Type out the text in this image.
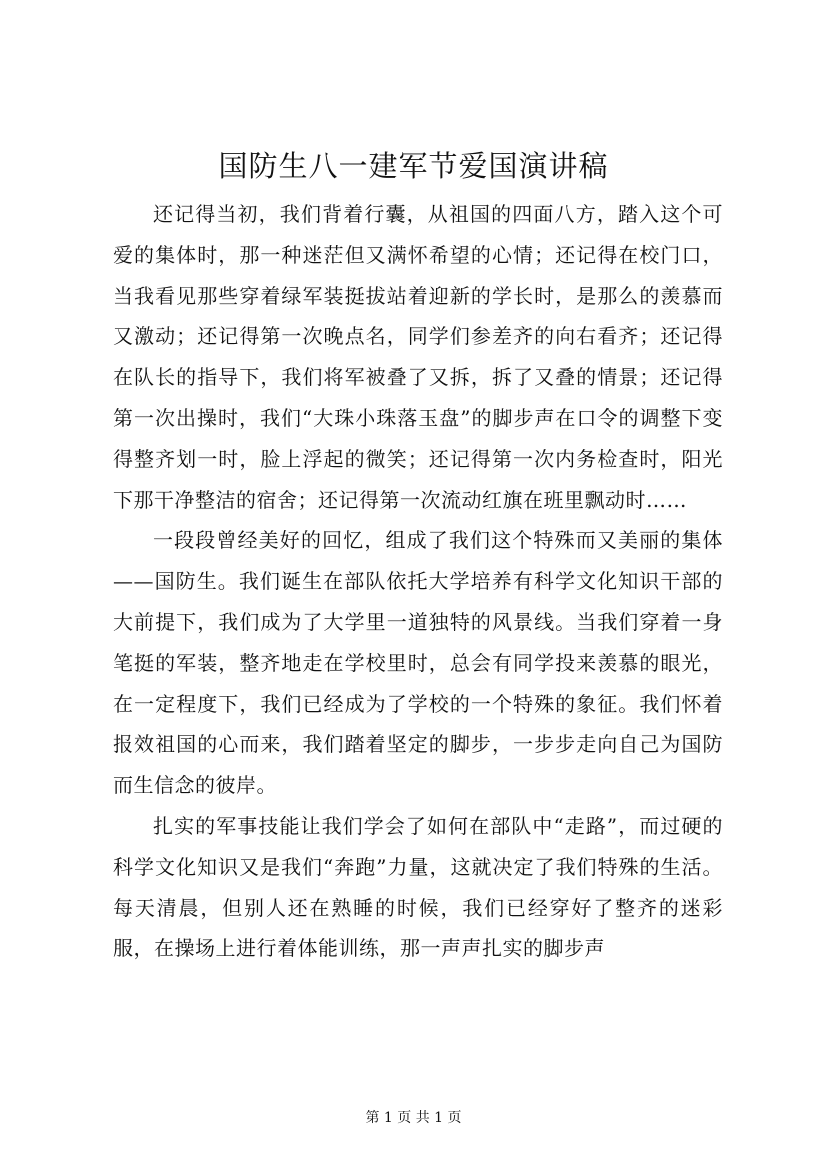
国防生八一建军节爱国演讲稿

还记得当初，我们背着行囊，从祖国的四面八方，踏入这个可爱的集体时，那一种迷茫但又满怀希望的心情；还记得在校门口，当我看见那些穿着绿军装挺拔站着迎新的学长时，是那么的羡慕而又激动；还记得第一次晚点名，同学们参差齐的向右看齐；还记得在队长的指导下，我们将军被叠了又拆，拆了又叠的情景；还记得第一次出操时，我们“大珠小珠落玉盘”的脚步声在口令的调整下变得整齐划一时，脸上浮起的微笑；还记得第一次内务检查时，阳光下那干净整洁的宿舍；还记得第一次流动红旗在班里飘动时……

一段段曾经美好的回忆，组成了我们这个特殊而又美丽的集体——国防生。我们诞生在部队依托大学培养有科学文化知识干部的大前提下，我们成为了大学里一道独特的风景线。当我们穿着一身笔挺的军装，整齐地走在学校里时，总会有同学投来羡慕的眼光，在一定程度下，我们已经成为了学校的一个特殊的象征。我们怀着报效祖国的心而来，我们踏着坚定的脚步，一步步走向自己为国防而生信念的彼岸。

扎实的军事技能让我们学会了如何在部队中“走路”，而过硬的科学文化知识又是我们“奔跑”力量，这就决定了我们特殊的生活。每天清晨，但别人还在熟睡的时候，我们已经穿好了整齐的迷彩服，在操场上进行着体能训练，那一声声扎实的脚步声

第 1 页 共 1 页
